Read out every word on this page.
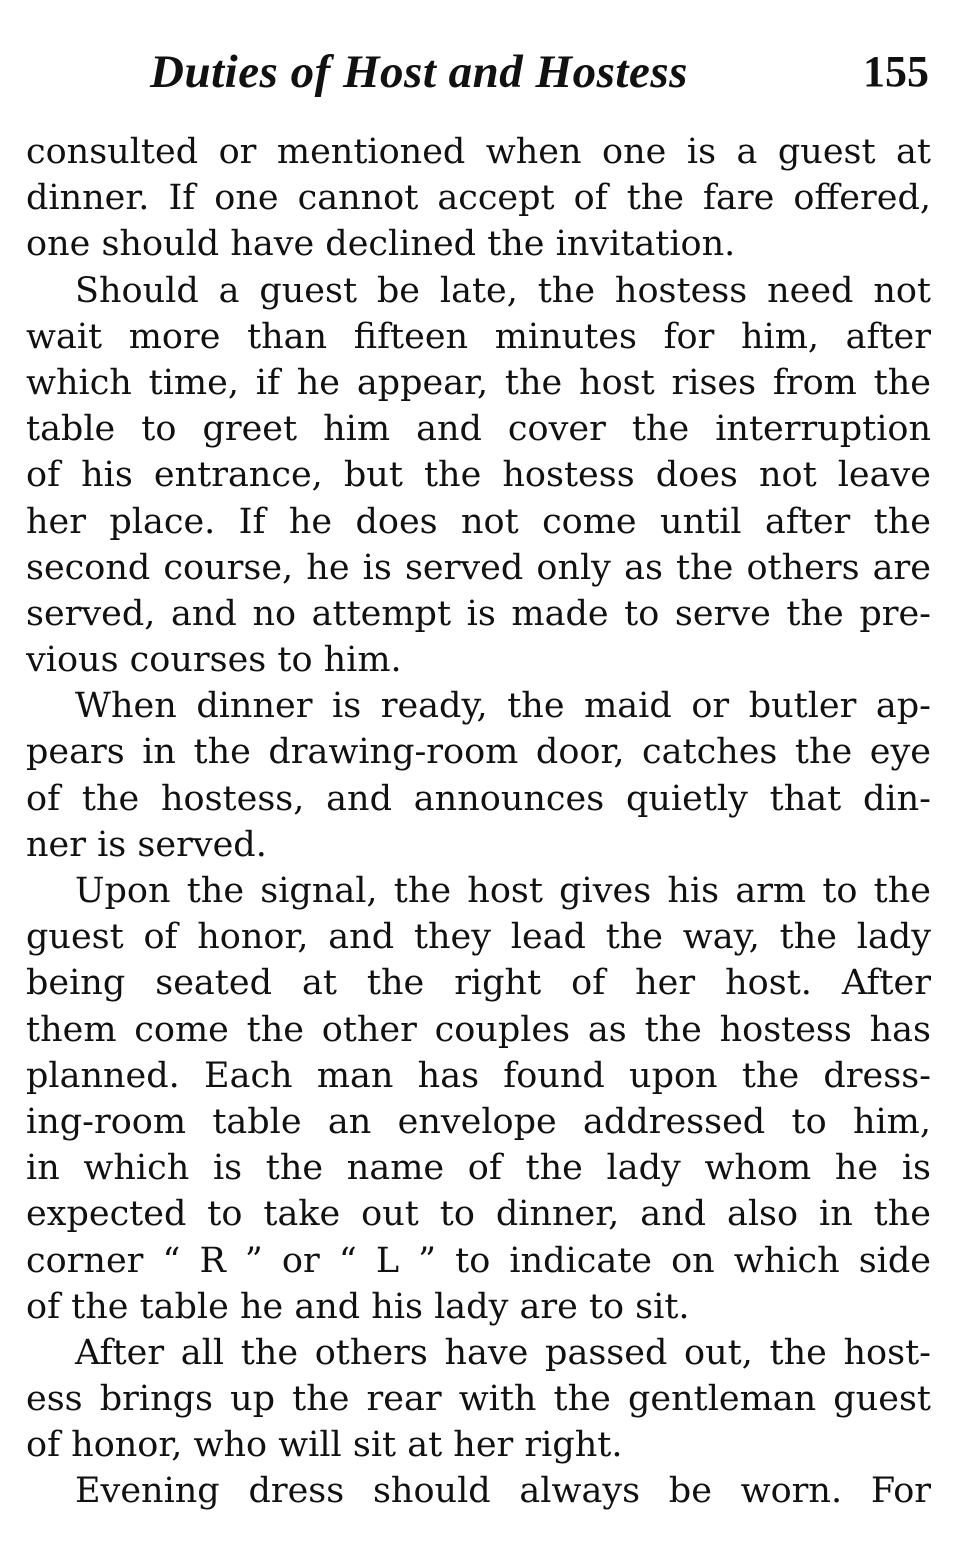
Duties of Host and Hostess	155
consulted or mentioned when one is a guest at
dinner. If one cannot accept of the fare offered,
one should have declined the invitation.
Should a guest be late, the hostess need not
wait more than fifteen minutes for him, after
which time, if he appear, the host rises from the
table to greet him and cover the interruption
of his entrance, but the hostess does not leave
her place. If he does not come until after the
second course, he is served only as the others are
served, and no attempt is made to serve the pre-
vious courses to him.
When dinner is ready, the maid or butler ap-
pears in the drawing-room door, catches the eye
of the hostess, and announces quietly that din-
ner is served.
Upon the signal, the host gives his arm to the
guest of honor, and they lead the way, the lady
being seated at the right of her host. After
them come the other couples as the hostess has
planned. Each man has found upon the dress-
ing-room table an envelope addressed to him,
in which is the name of the lady whom he is
expected to take out to dinner, and also in the
corner “ R ” or “ L ” to indicate on which side
of the table he and his lady are to sit.
After all the others have passed out, the host-
ess brings up the rear with the gentleman guest
of honor, who will sit at her right.
Evening dress should always be worn. For
